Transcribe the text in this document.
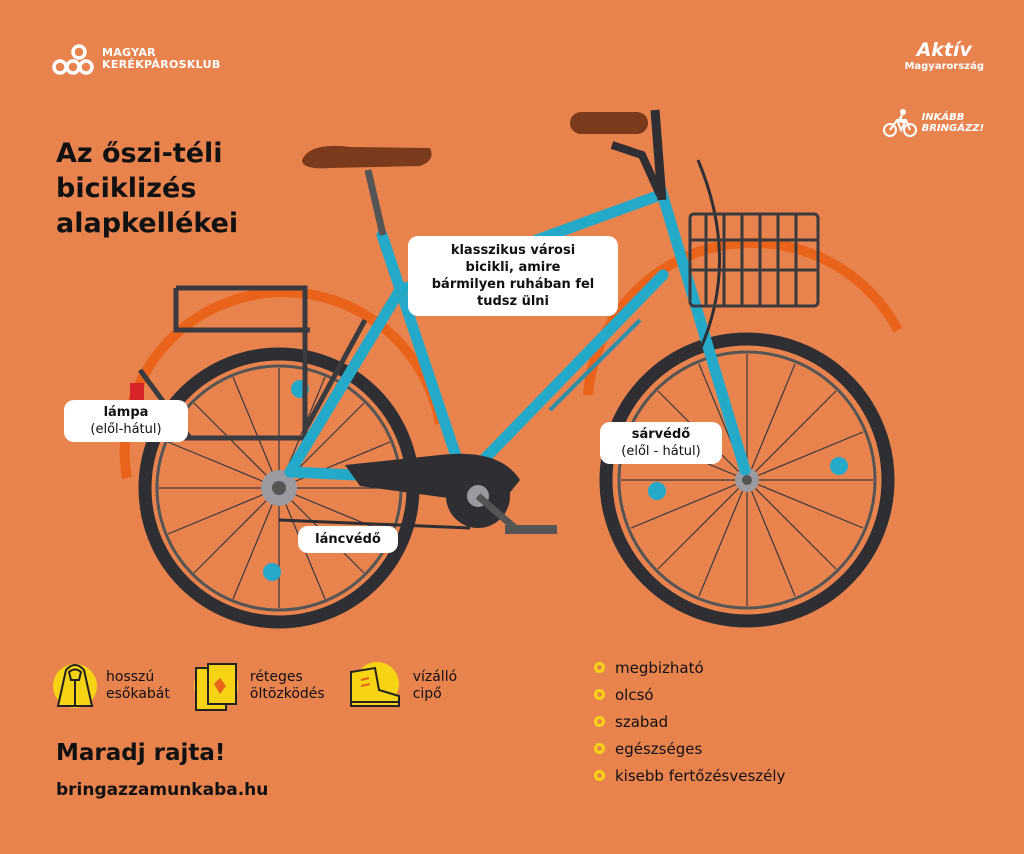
MAGYAR
KERÉKPÁROSKLUB
Aktív
Magyarország
INKÁBB
BRINGÁZZ!
Az őszi-téli
biciklizés
alapkellékei
klasszikus városi
bicikli, amire
bármilyen ruhában fel
tudsz ülni
lámpa
(elől-hátul)	sárvédő
(elől - hátul)
láncvédő
hosszú
esőkabát
réteges
öltözködés
vízálló
cipő
Maradj rajta!
bringazzamunkaba.hu
megbizható
olcsó
szabad
egészséges
kisebb fertőzésveszély
